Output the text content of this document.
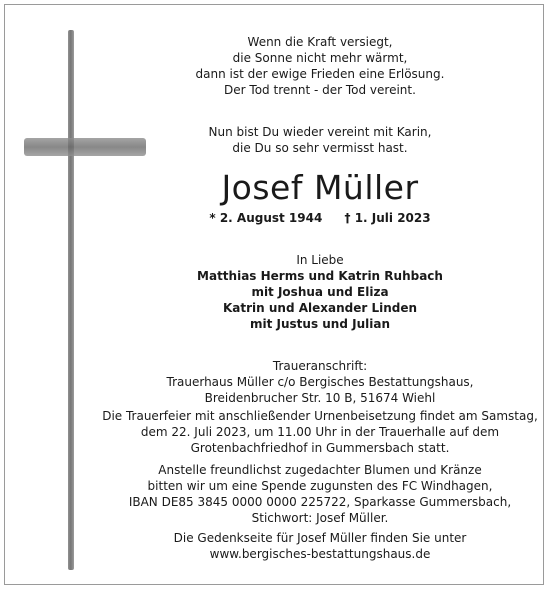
Wenn die Kraft versiegt,
die Sonne nicht mehr wärmt,
dann ist der ewige Frieden eine Erlösung.
Der Tod trennt - der Tod vereint.
Nun bist Du wieder vereint mit Karin,
die Du so sehr vermisst hast.
Josef Müller
* 2. August 1944 † 1. Juli 2023
In Liebe
Matthias Herms und Katrin Ruhbach
mit Joshua und Eliza
Katrin und Alexander Linden
mit Justus und Julian
Traueranschrift:
Trauerhaus Müller c/o Bergisches Bestattungshaus,
Breidenbrucher Str. 10 B, 51674 Wiehl
Die Trauerfeier mit anschließender Urnenbeisetzung findet am Samstag,
dem 22. Juli 2023, um 11.00 Uhr in der Trauerhalle auf dem
Grotenbachfriedhof in Gummersbach statt.
Anstelle freundlichst zugedachter Blumen und Kränze
bitten wir um eine Spende zugunsten des FC Windhagen,
IBAN DE85 3845 0000 0000 225722, Sparkasse Gummersbach,
Stichwort: Josef Müller.
Die Gedenkseite für Josef Müller finden Sie unter
www.bergisches-bestattungshaus.de
